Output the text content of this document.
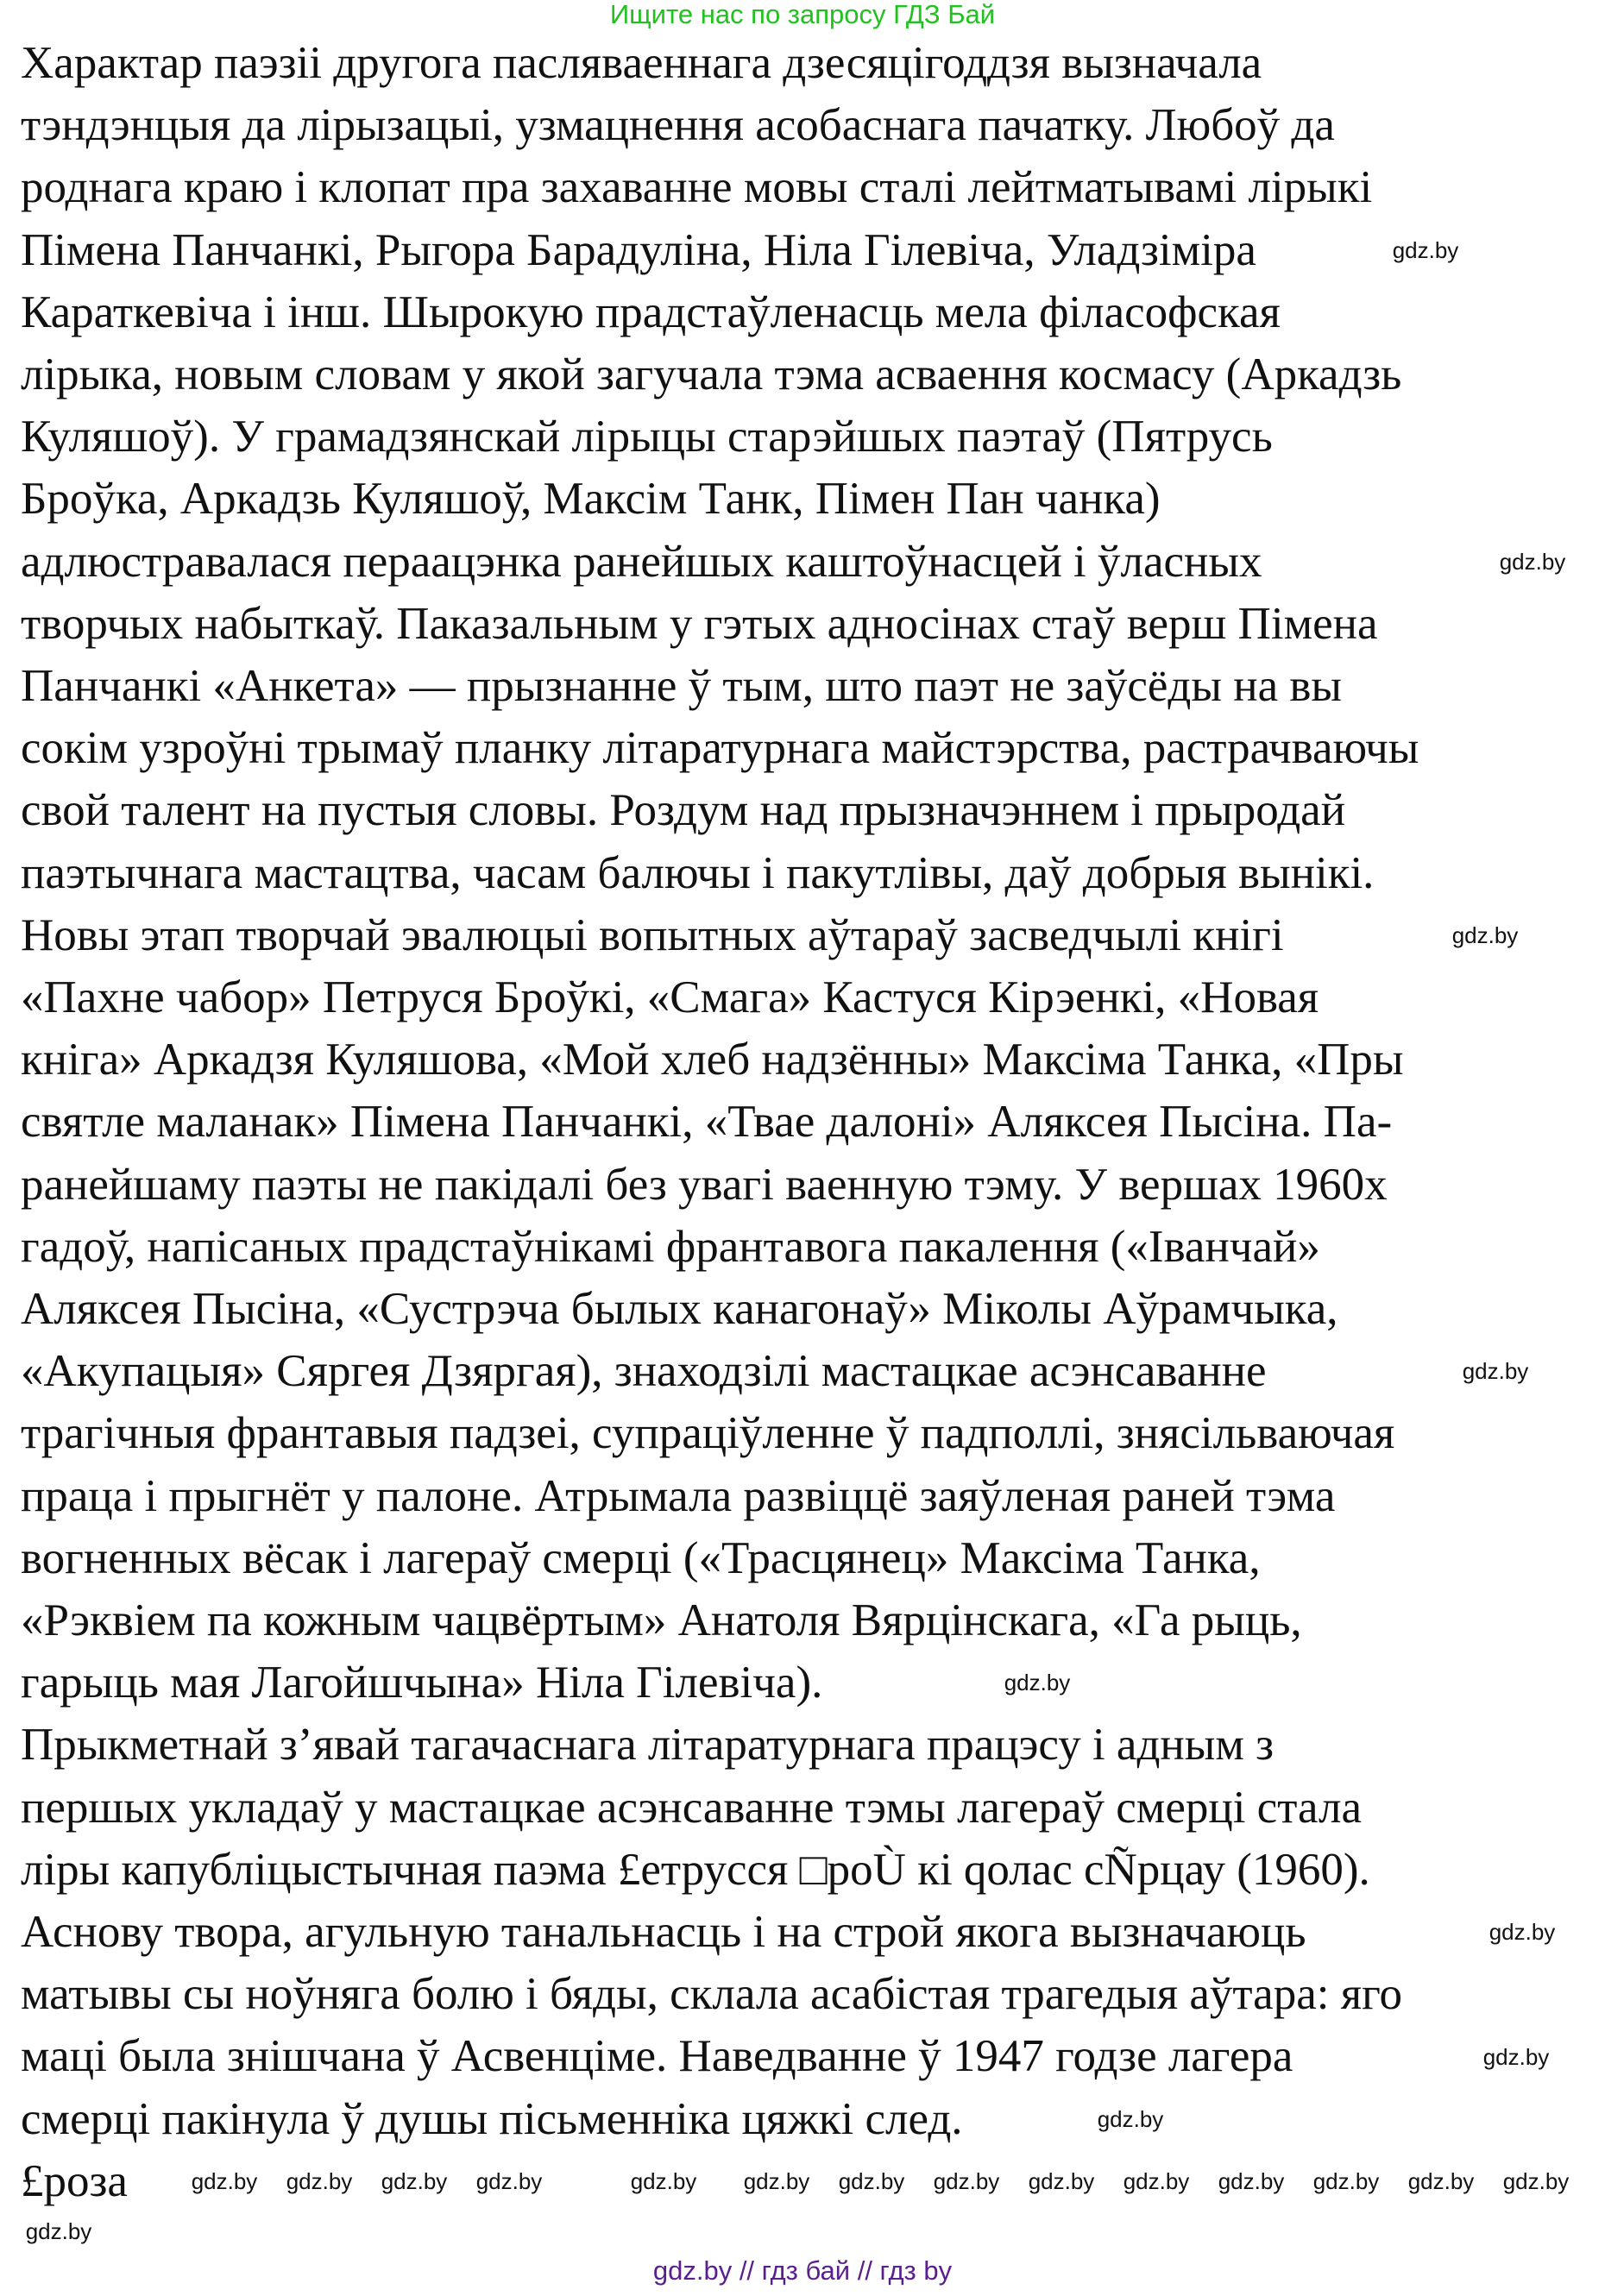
Ищите нас по запросу ГДЗ Бай
Характар паэзіі другога пасляваеннага дзесяцігоддзя вызначала
тэндэнцыя да лірызацыі, узмацнення асобаснага пачатку. Любоў да
роднага краю і клопат пра захаванне мовы сталі лейтматывамі лірыкі
Пімена Панчанкі, Рыгора Барадуліна, Ніла Гілевіча, Уладзіміра
Караткевіча і інш. Шырокую прадстаўленасць мела філасофская
лірыка, новым словам у якой загучала тэма асваення космасу (Аркадзь
Куляшоў). У грамадзянскай лірыцы старэйшых паэтаў (Пятрусь
Броўка, Аркадзь Куляшоў, Максім Танк, Пімен Пан чанка)
адлюстравалася пераацэнка ранейшых каштоўнасцей і ўласных
творчых набыткаў. Паказальным у гэтых адносінах стаў верш Пімена
Панчанкі «Анкета» — прызнанне ў тым, што паэт не заўсёды на вы
сокім узроўні трымаў планку літаратурнага майстэрства, растрачваючы
свой талент на пустыя словы. Роздум над прызначэннем і прыродай
паэтычнага мастацтва, часам балючы і пакутлівы, даў добрыя вынікі.
Новы этап творчай эвалюцыі вопытных аўтараў засведчылі кнігі
«Пахне чабор» Петруся Броўкі, «Смага» Кастуся Кірэенкі, «Новая
кніга» Аркадзя Куляшова, «Мой хлеб надзённы» Максіма Танка, «Пры
святле маланак» Пімена Панчанкі, «Твае далоні» Аляксея Пысіна. Па-
ранейшаму паэты не пакідалі без увагі ваенную тэму. У вершах 1960х
гадоў, напісаных прадстаўнікамі франтавога пакалення («Іванчай»
Аляксея Пысіна, «Сустрэча былых канагонаў» Міколы Аўрамчыка,
«Акупацыя» Сяргея Дзяргая), знаходзілі мастацкае асэнсаванне
трагічныя франтавыя падзеі, супрацiўленне ў падполлі, знясільваючая
праца і прыгнёт у палоне. Атрымала развіццё заяўленая раней тэма
вогненных вёсак і лагераў смерці («Трасцянец» Максіма Танка,
«Рэквіем па кожным чацвёртым» Анатоля Вярцінскага, «Га рыць,
гарыць мая Лагойшчына» Ніла Гілевіча).
Прыкметнай з’явай тагачаснага літаратурнага працэсу і адным з
першых укладаў у мастацкае асэнсаванне тэмы лагераў смерці стала
ліры капубліцыстычная паэма £етрусся □роÙ кі qолас cÑрцау (1960).
Аснову твора, агульную танальнасць і на строй якога вызначаюць
матывы сы ноўняга болю і бяды, склала асабістая трагедыя аўтара: яго
маці была знішчана ў Асвенціме. Наведванне ў 1947 годзе лагера
смерці пакінула ў душы пісьменніка цяжкі след.
£роза	gdz.by gdz.by
gdz.by
gdz.by gdz.by
gdz.by
gdz.by gdz.by
gdz.by
gdz.by gdz.by gdz.by gdz.by gdz.by
gdz.by
gdz.by
gdz.by gdz.by
gdz.by
gdz.by
gdz.by
gdz.by
gdz.by
gdz.by // гдз бай // гдз by
